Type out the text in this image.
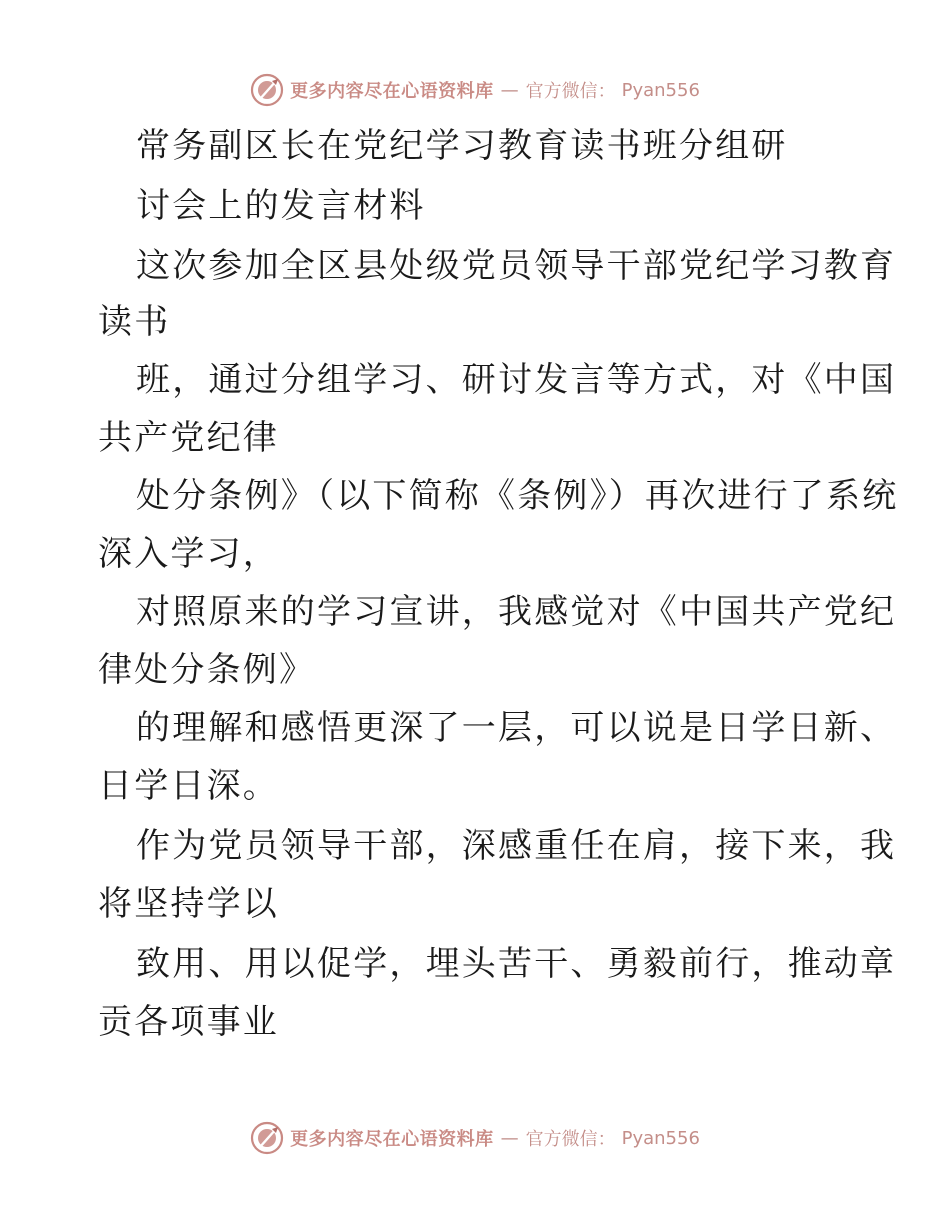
更多内容尽在心语资料库 — 官方微信： Pyan556
常务副区长在党纪学习教育读书班分组研
讨会上的发言材料
这次参加全区县处级党员领导干部党纪学习教育
读书
班，通过分组学习、研讨发言等方式，对《中国
共产党纪律
处分条例》（以下简称《条例》）再次进行了系统
深入学习，
对照原来的学习宣讲，我感觉对《中国共产党纪
律处分条例》
的理解和感悟更深了一层，可以说是日学日新、
日学日深。
作为党员领导干部，深感重任在肩，接下来，我
将坚持学以
致用、用以促学，埋头苦干、勇毅前行，推动章
贡各项事业
更多内容尽在心语资料库 — 官方微信： Pyan556
